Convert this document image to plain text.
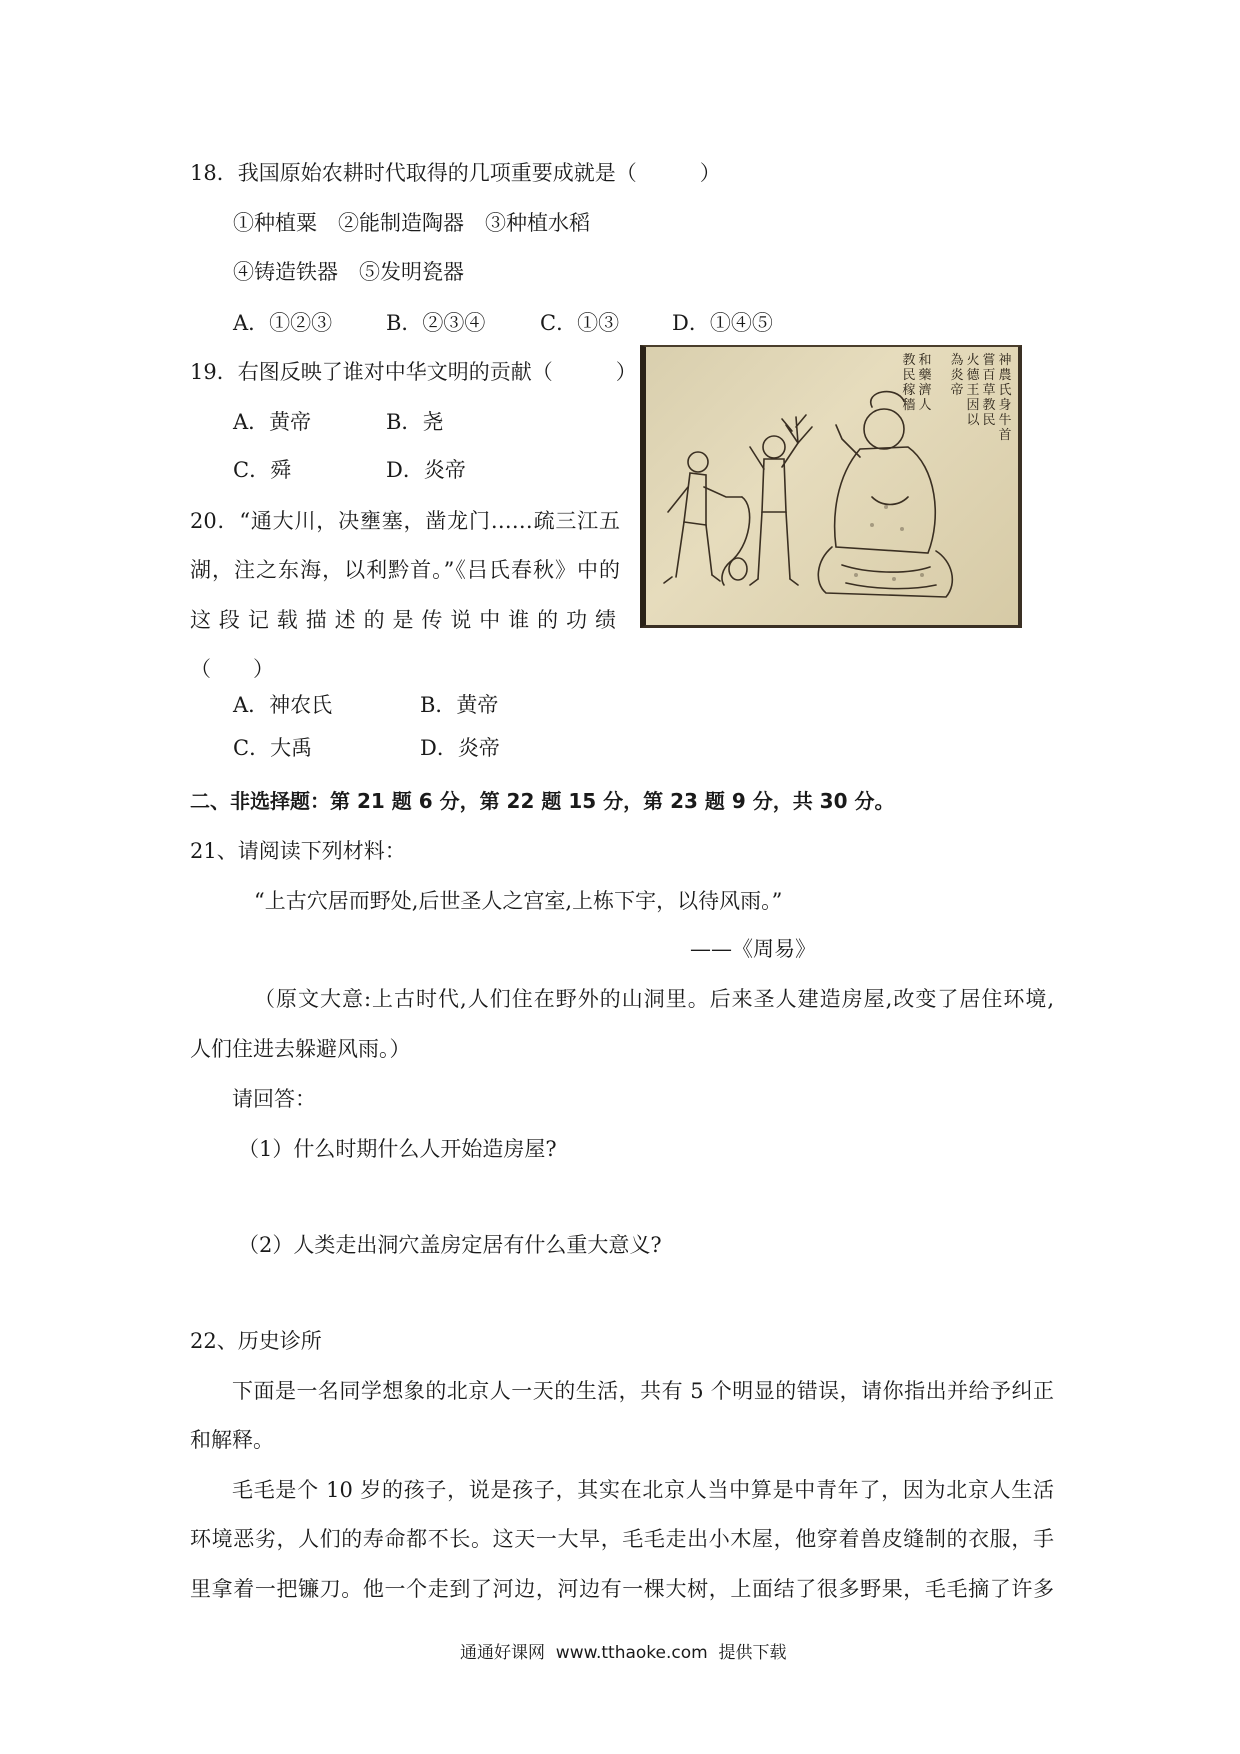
18．我国原始农耕时代取得的几项重要成就是（　　　）
①种植粟　②能制造陶器　③种植水稻
④铸造铁器　⑤发明瓷器
A．①②③	B．②③④	C．①③	D．①④⑤
19．右图反映了谁对中华文明的贡献（　　　）
A．黄帝	B．尧
C．舜	D．炎帝
神農氏身牛首
嘗百草教民
火德王因以
為炎帝
和藥濟人
教民稼穡
20．“通大川，决壅塞，凿龙门……疏三江五
湖，注之东海，以利黔首。”《吕氏春秋》中的
这段记载描述的是传说中谁的功绩
（　　）
A．神农氏	B．黄帝
C．大禹	D．炎帝
二、非选择题：第 21 题 6 分，第 22 题 15 分，第 23 题 9 分，共 30 分。
21、请阅读下列材料：
“上古穴居而野处,后世圣人之宫室,上栋下宇，以待风雨。”
——《周易》
（原文大意:上古时代,人们住在野外的山洞里。后来圣人建造房屋,改变了居住环境,
人们住进去躲避风雨。）
请回答：
（1）什么时期什么人开始造房屋?
（2）人类走出洞穴盖房定居有什么重大意义?
22、历史诊所
下面是一名同学想象的北京人一天的生活，共有 5 个明显的错误，请你指出并给予纠正
和解释。
毛毛是个 10 岁的孩子，说是孩子，其实在北京人当中算是中青年了，因为北京人生活
环境恶劣，人们的寿命都不长。这天一大早，毛毛走出小木屋，他穿着兽皮缝制的衣服，手
里拿着一把镰刀。他一个走到了河边，河边有一棵大树，上面结了很多野果，毛毛摘了许多
通通好课网  www.tthaoke.com  提供下载
